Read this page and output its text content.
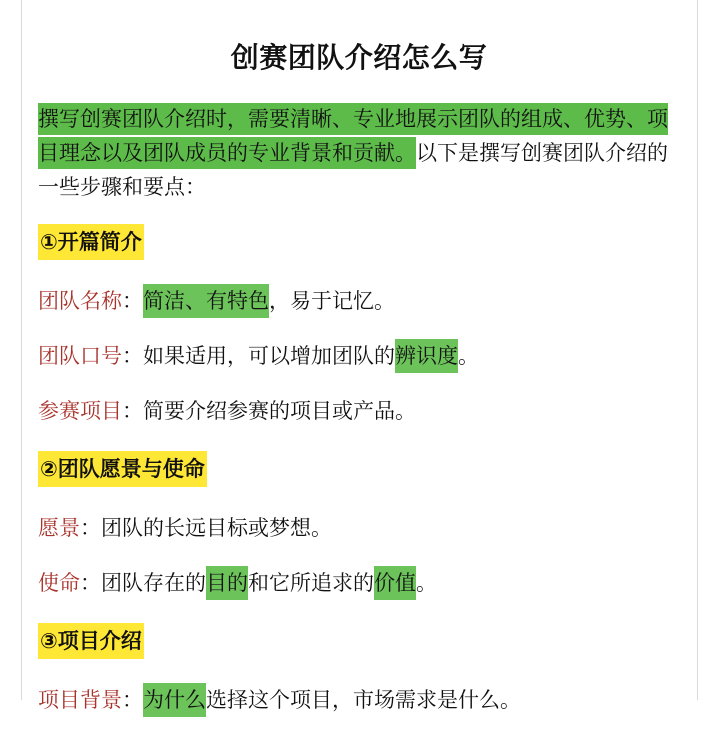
创赛团队介绍怎么写

撰写创赛团队介绍时，需要清晰、专业地展示团队的组成、优势、项目理念以及团队成员的专业背景和贡献。以下是撰写创赛团队介绍的一些步骤和要点：

①开篇简介
团队名称：简洁、有特色，易于记忆。
团队口号：如果适用，可以增加团队的辨识度。
参赛项目：简要介绍参赛的项目或产品。
②团队愿景与使命
愿景：团队的长远目标或梦想。
使命：团队存在的目的和它所追求的价值。
③项目介绍
项目背景：为什么选择这个项目，市场需求是什么。
